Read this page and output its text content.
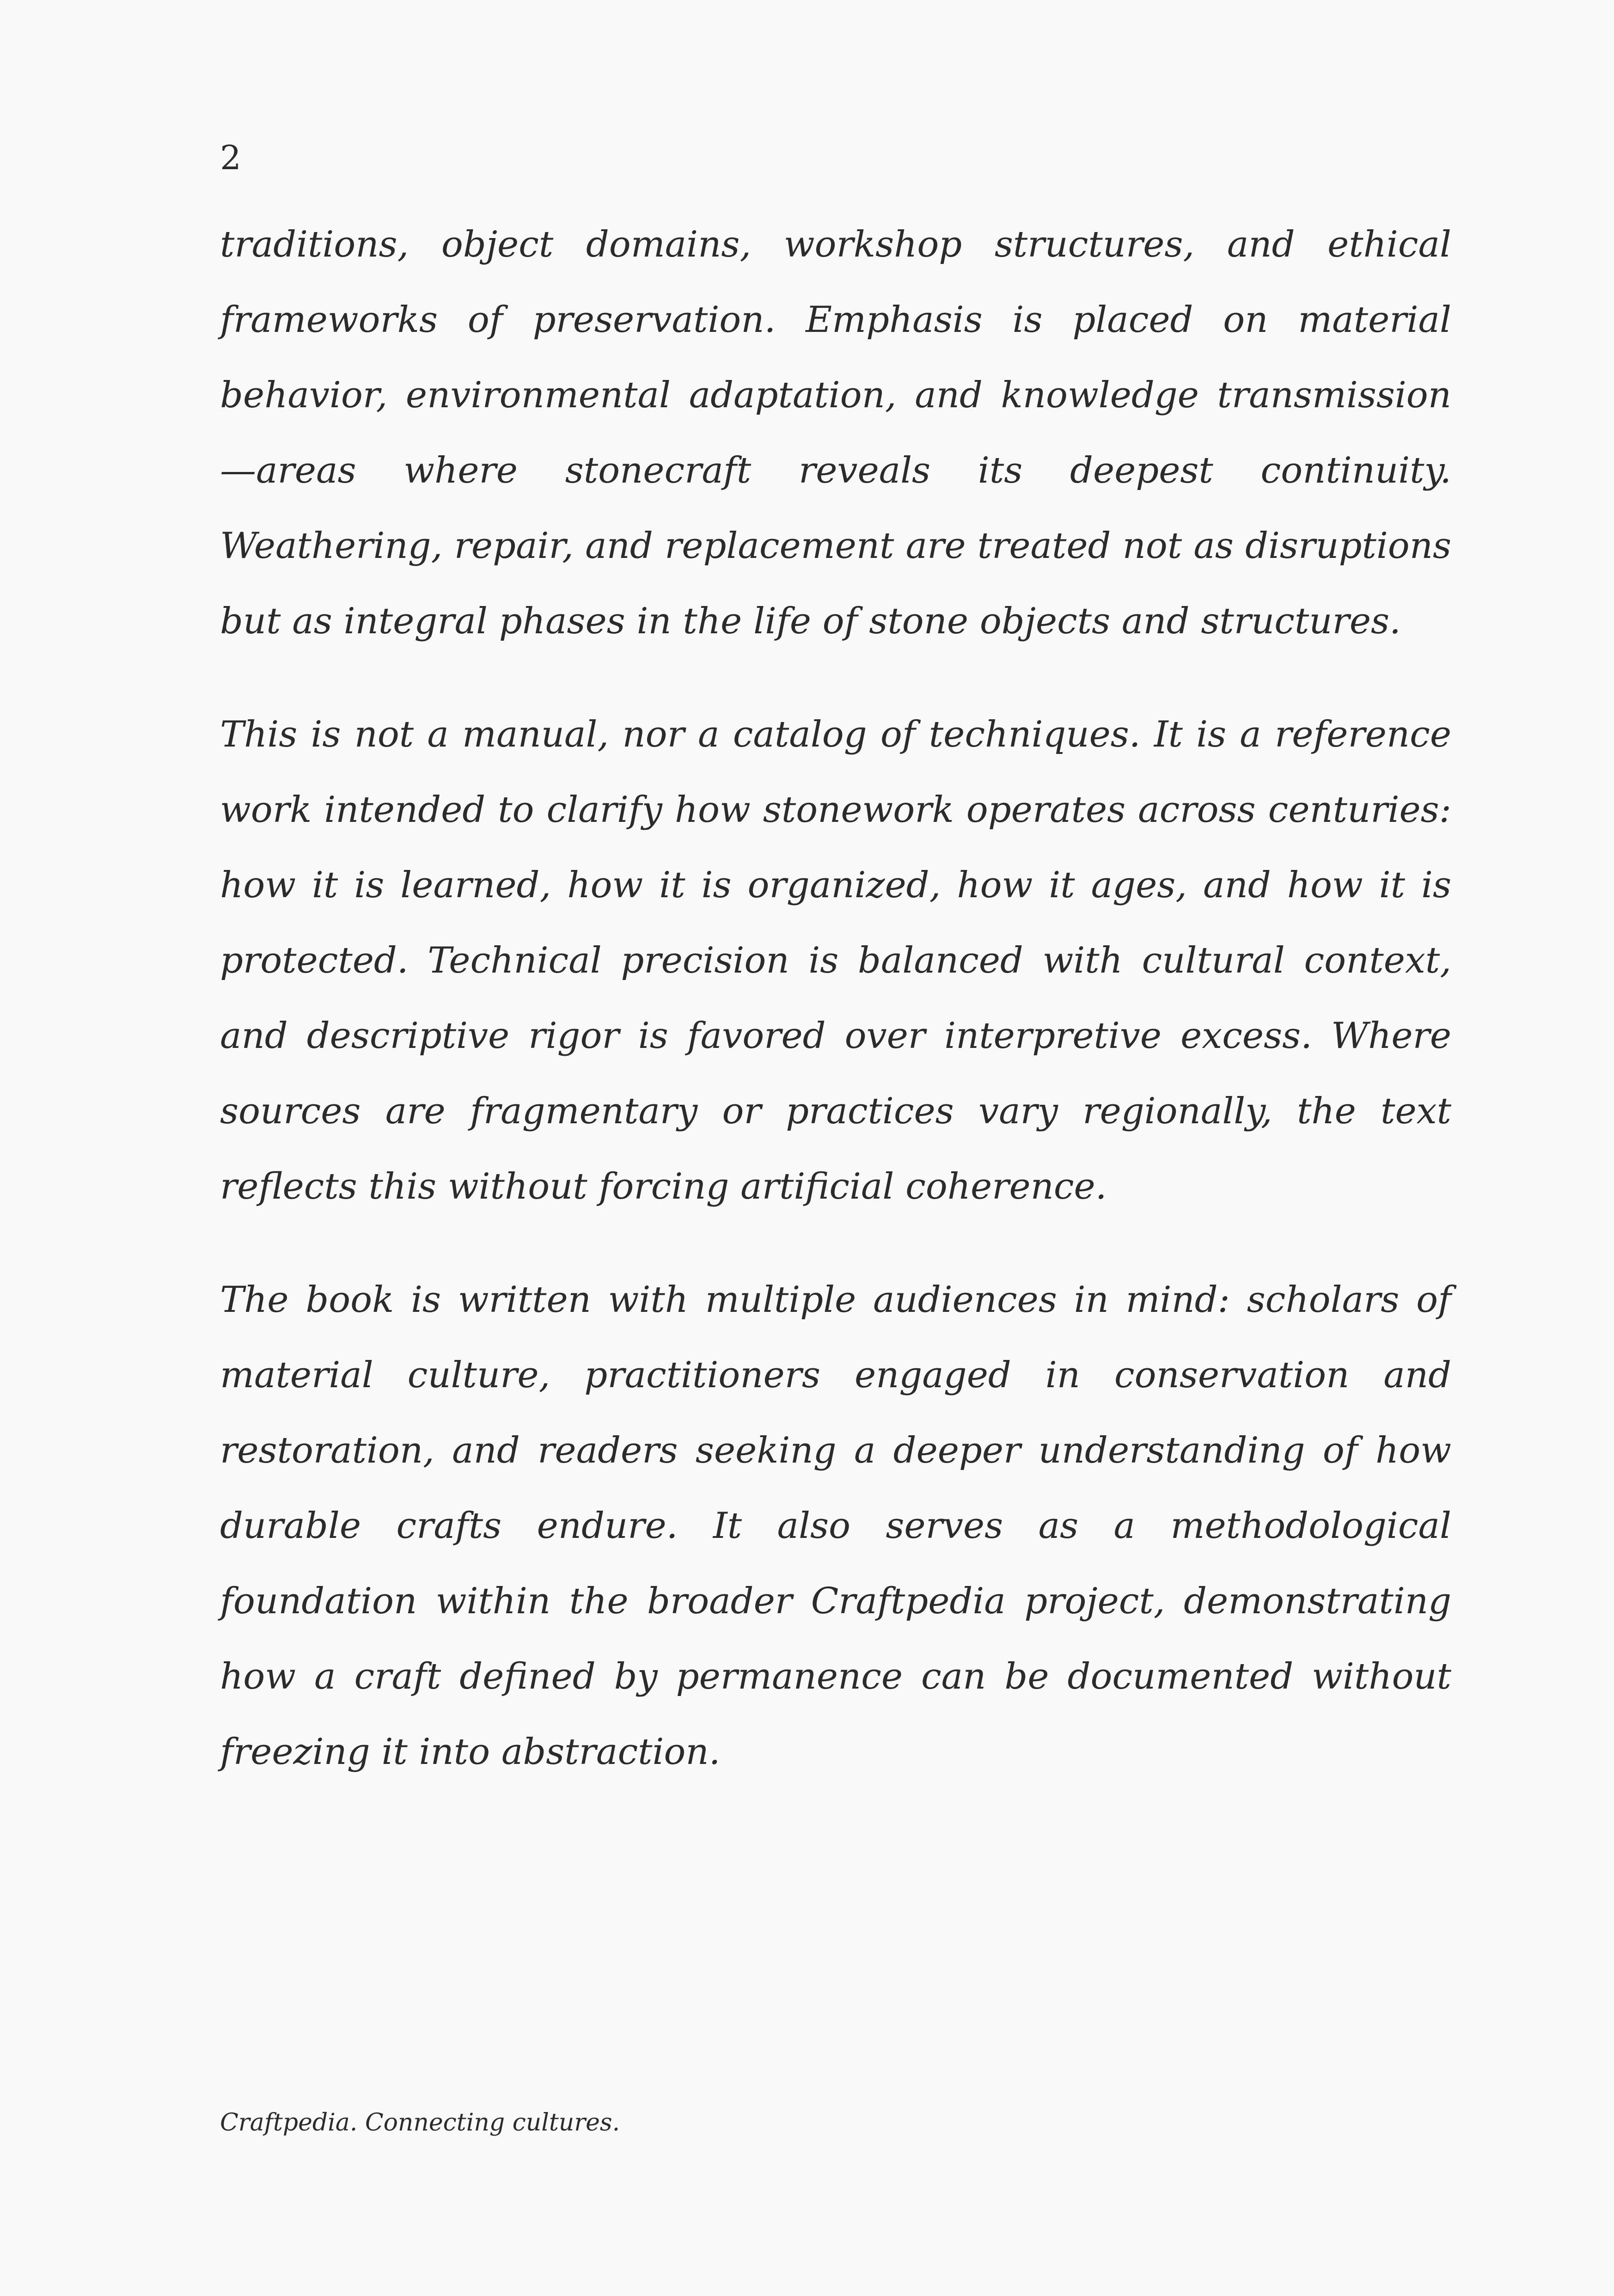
2

traditions, object domains, workshop structures, and ethical frameworks of preservation. Emphasis is placed on material behavior, environmental adaptation, and knowledge transmission—areas where stonecraft reveals its deepest continuity. Weathering, repair, and replacement are treated not as disruptions but as integral phases in the life of stone objects and structures.

This is not a manual, nor a catalog of techniques. It is a reference work intended to clarify how stonework operates across centuries: how it is learned, how it is organized, how it ages, and how it is protected. Technical precision is balanced with cultural context, and descriptive rigor is favored over interpretive excess. Where sources are fragmentary or practices vary regionally, the text reflects this without forcing artificial coherence.

The book is written with multiple audiences in mind: scholars of material culture, practitioners engaged in conservation and restoration, and readers seeking a deeper understanding of how durable crafts endure. It also serves as a methodological foundation within the broader Craftpedia project, demonstrating how a craft defined by permanence can be documented without freezing it into abstraction.

Craftpedia. Connecting cultures.
